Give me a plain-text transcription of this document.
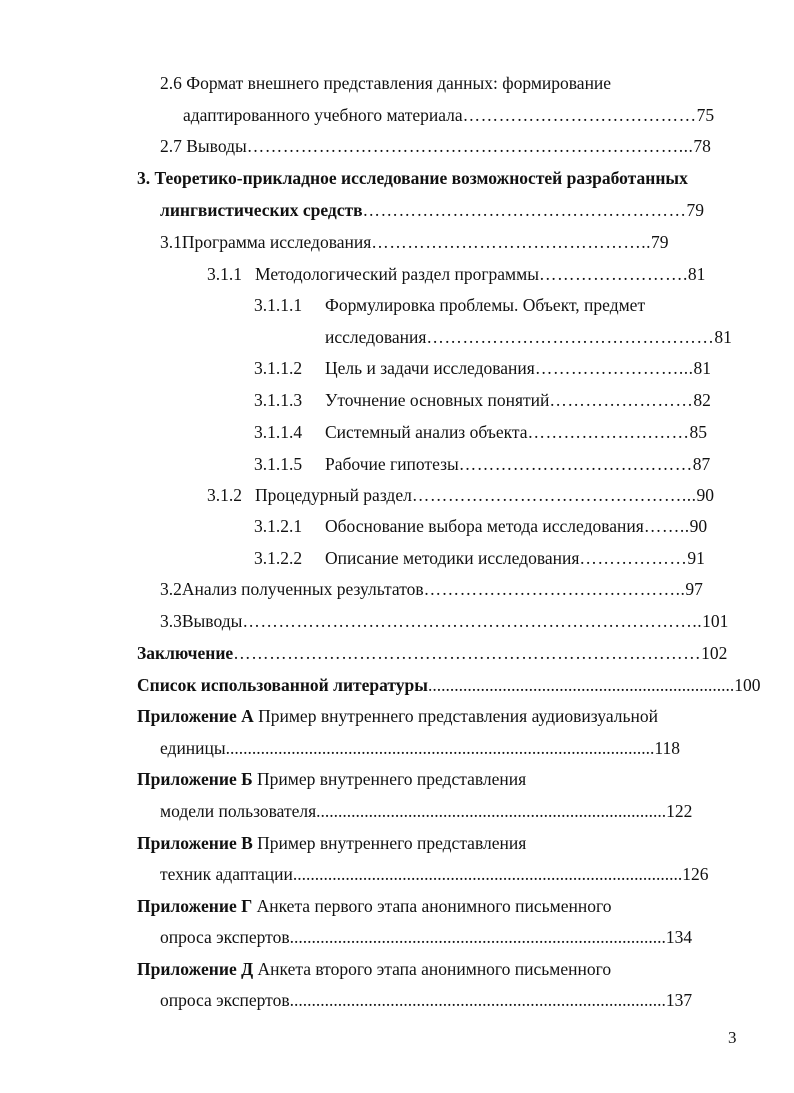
2.6 Формат внешнего представления данных: формирование
адаптированного учебного материала…………………………………75
2.7 Выводы………………………………………………………………...78
3. Теоретико-прикладное исследование возможностей разработанных
лингвистических средств………………………………………………79
3.1Программа исследования………………………………………..79
3.1.1 Методологический раздел программы…………………….81
3.1.1.1 Формулировка проблемы. Объект, предмет
исследования…………………………………………81
3.1.1.2 Цель и задачи исследования……………………...81
3.1.1.3 Уточнение основных понятий……………………82
3.1.1.4 Системный анализ объекта………………………85
3.1.1.5 Рабочие гипотезы…………………………………87
3.1.2 Процедурный раздел………………………………………...90
3.1.2.1 Обоснование выбора метода исследования……..90
3.1.2.2 Описание методики исследования………………91
3.2Анализ полученных результатов……………………………………..97
3.3Выводы…………………………………………………………………..101
Заключение……………………………………………………………………102
Список использованной литературы......................................................................100
Приложение А Пример внутреннего представления аудиовизуальной
единицы..................................................................................................118
Приложение Б Пример внутреннего представления
модели пользователя................................................................................122
Приложение В Пример внутреннего представления
техник адаптации.........................................................................................126
Приложение Г Анкета первого этапа анонимного письменного
опроса экспертов......................................................................................134
Приложение Д Анкета второго этапа анонимного письменного
опроса экспертов......................................................................................137
3
